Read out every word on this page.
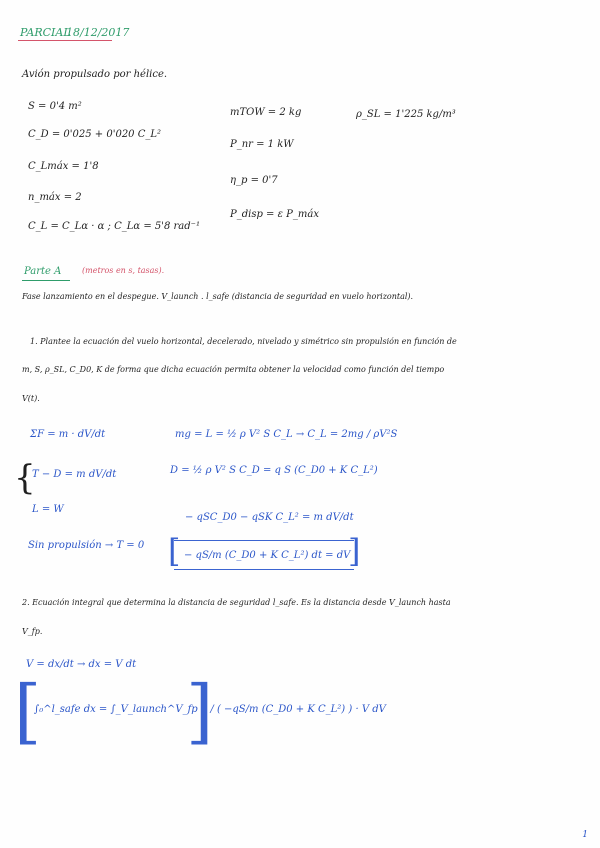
PARCIAL
18/12/2017
Avión propulsado por hélice.
S = 0'4 m²
C_D = 0'025 + 0'020 C_L²
C_Lmáx = 1'8
n_máx = 2
C_L = C_Lα · α ; C_Lα = 5'8 rad⁻¹
mTOW = 2 kg
P_nr = 1 kW
η_p = 0'7
P_disp = ε P_máx
ρ_SL = 1'225 kg/m³
Parte A	(metros en s, tasas).
Fase lanzamiento en el despegue. V_launch . l_safe (distancia de seguridad en vuelo horizontal).
1. Plantee la ecuación del vuelo horizontal, decelerado, nivelado y simétrico sin propulsión en función de
m, S, ρ_SL, C_D0, K de forma que dicha ecuación permita obtener la velocidad como función del tiempo
V(t).
ΣF = m · dV/dt	mg = L = ½ ρ V² S C_L → C_L = 2mg / ρV²S
{
T − D = m dV/dt
L = W
D = ½ ρ V² S C_D = q S (C_D0 + K C_L²)
− qSC_D0 − qSK C_L² = m dV/dt
Sin propulsión → T = 0 [ − qS/m (C_D0 + K C_L²) dt = dV
]
2. Ecuación integral que determina la distancia de seguridad l_safe. Es la distancia desde V_launch hasta
V_fp.
V = dx/dt → dx = V dt
[
∫₀^l_safe dx = ∫_V_launch^V_fp 1 / ( −qS/m (C_D0 + K C_L²) ) · V dV
]
1
